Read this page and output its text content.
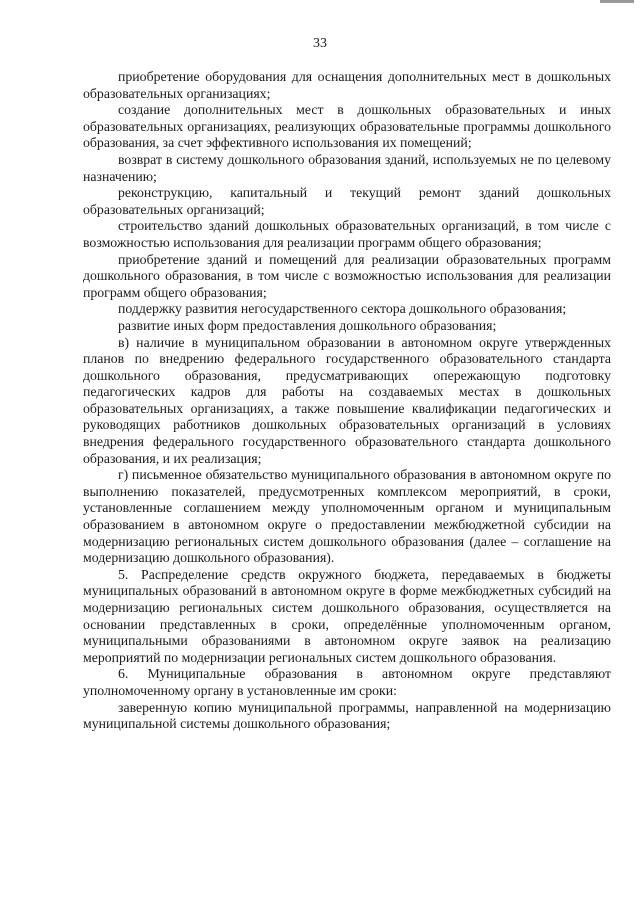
33

приобретение оборудования для оснащения дополнительных мест в дошкольных образовательных организациях;

создание дополнительных мест в дошкольных образовательных и иных образовательных организациях, реализующих образовательные программы дошкольного образования, за счет эффективного использования их помещений;

возврат в систему дошкольного образования зданий, используемых не по целевому назначению;

реконструкцию, капитальный и текущий ремонт зданий дошкольных образовательных организаций;

строительство зданий дошкольных образовательных организаций, в том числе с возможностью использования для реализации программ общего образования;

приобретение зданий и помещений для реализации образовательных программ дошкольного образования, в том числе с возможностью использования для реализации программ общего образования;

поддержку развития негосударственного сектора дошкольного образования;

развитие иных форм предоставления дошкольного образования;

в) наличие в муниципальном образовании в автономном округе утвержденных планов по внедрению федерального государственного образовательного стандарта дошкольного образования, предусматривающих опережающую подготовку педагогических кадров для работы на создаваемых местах в дошкольных образовательных организациях, а также повышение квалификации педагогических и руководящих работников дошкольных образовательных организаций в условиях внедрения федерального государственного образовательного стандарта дошкольного образования, и их реализация;

г) письменное обязательство муниципального образования в автономном округе по выполнению показателей, предусмотренных комплексом мероприятий, в сроки, установленные соглашением между уполномоченным органом и муниципальным образованием в автономном округе о предоставлении межбюджетной субсидии на модернизацию региональных систем дошкольного образования (далее – соглашение на модернизацию дошкольного образования).

5. Распределение средств окружного бюджета, передаваемых в бюджеты муниципальных образований в автономном округе в форме межбюджетных субсидий на модернизацию региональных систем дошкольного образования, осуществляется на основании представленных в сроки, определённые уполномоченным органом, муниципальными образованиями в автономном округе заявок на реализацию мероприятий по модернизации региональных систем дошкольного образования.

6. Муниципальные образования в автономном округе представляют уполномоченному органу в установленные им сроки:

заверенную копию муниципальной программы, направленной на модернизацию муниципальной системы дошкольного образования;
